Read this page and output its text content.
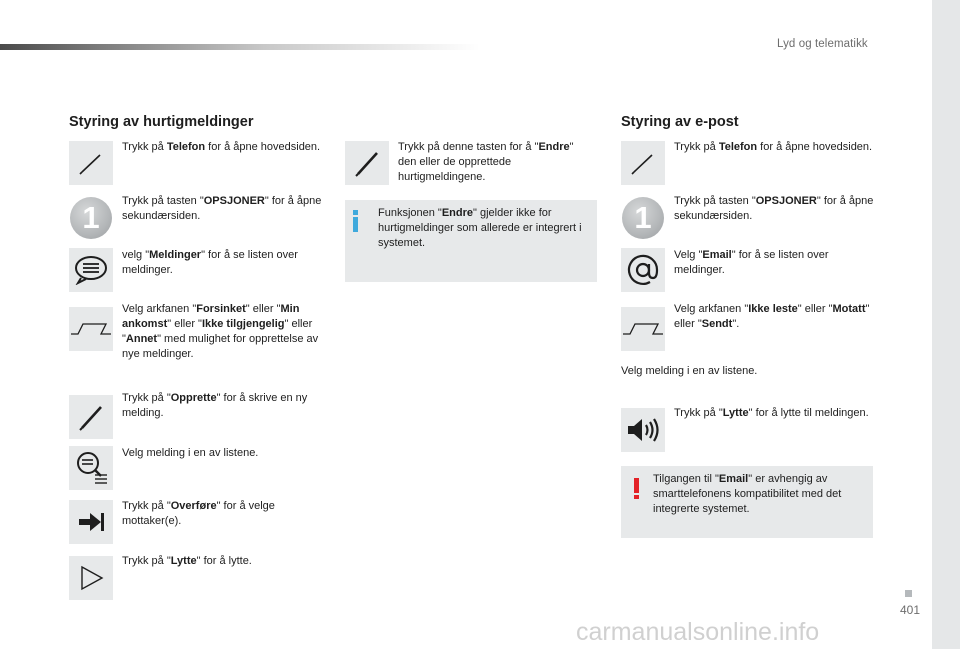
Lyd og telematikk
Styring av hurtigmeldinger
Trykk på Telefon for å åpne hovedsiden.
1	Trykk på tasten "OPSJONER" for å åpne sekundærsiden.
velg "Meldinger" for å se listen over meldinger.
Velg arkfanen "Forsinket" eller "Min ankomst" eller "Ikke tilgjengelig" eller "Annet" med mulighet for opprettelse av nye meldinger.
Trykk på "Opprette" for å skrive en ny melding.
Velg melding i en av listene.
Trykk på "Overføre" for å velge mottaker(e).
Trykk på "Lytte" for å lytte.
Trykk på denne tasten for å "Endre" den eller de opprettede hurtigmeldingene.
Funksjonen "Endre" gjelder ikke for hurtigmeldinger som allerede er integrert i systemet.
Styring av e-post
Trykk på Telefon for å åpne hovedsiden.
1	Trykk på tasten "OPSJONER" for å åpne sekundærsiden.
Velg "Email" for å se listen over meldinger.
Velg arkfanen "Ikke leste" eller "Motatt" eller "Sendt".
Velg melding i en av listene.
Trykk på "Lytte" for å lytte til meldingen.
Tilgangen til "Email" er avhengig av smarttelefonens kompatibilitet med det integrerte systemet.
401
carmanualsonline.info
